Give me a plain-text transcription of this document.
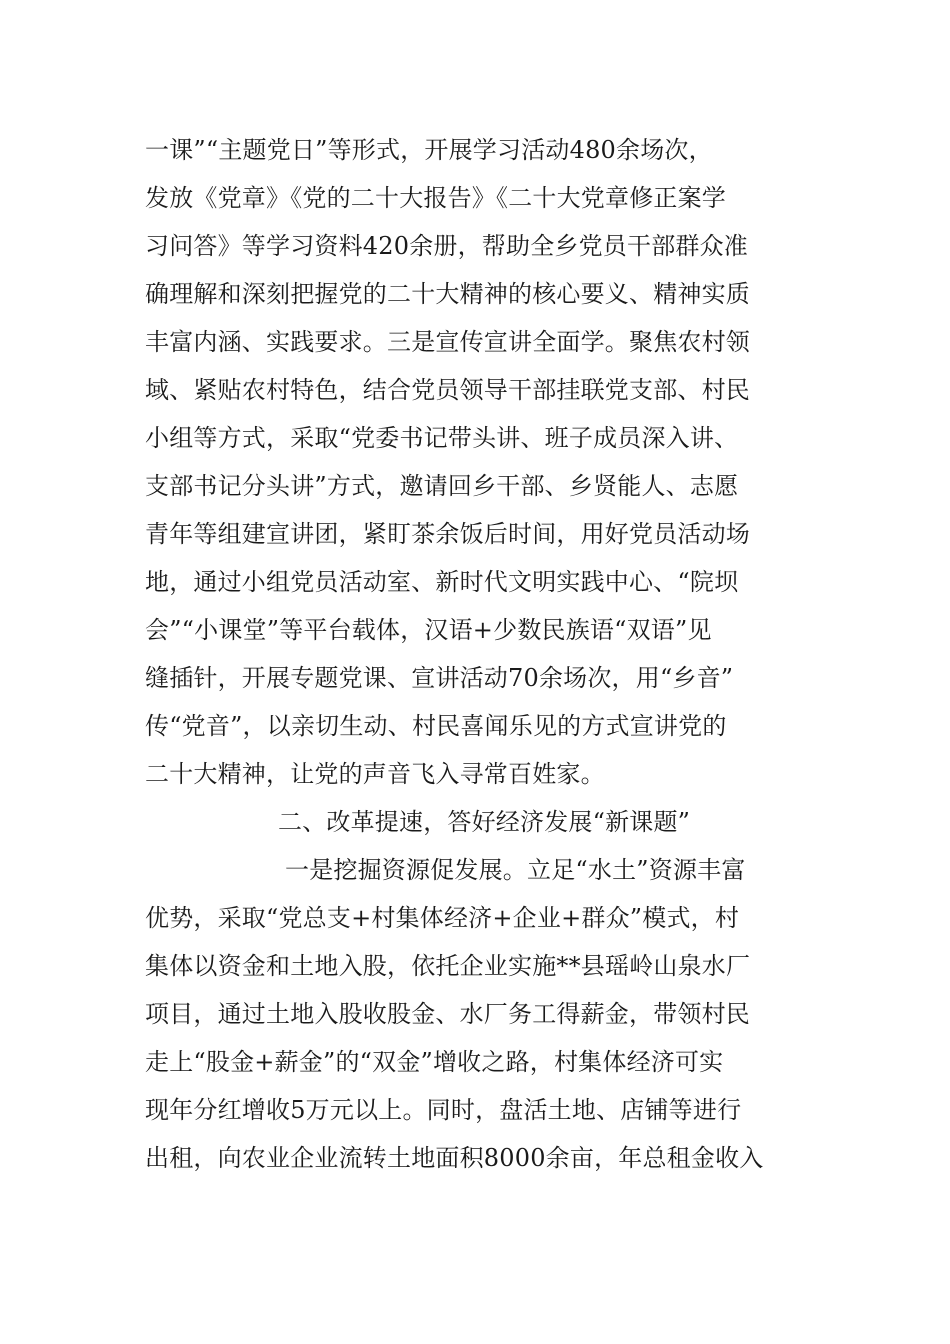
一课”“主题党日”等形式，开展学习活动480余场次，
发放《党章》《党的二十大报告》《二十大党章修正案学
习问答》等学习资料420余册，帮助全乡党员干部群众准
确理解和深刻把握党的二十大精神的核心要义、精神实质
丰富内涵、实践要求。三是宣传宣讲全面学。聚焦农村领
域、紧贴农村特色，结合党员领导干部挂联党支部、村民
小组等方式，采取“党委书记带头讲、班子成员深入讲、
支部书记分头讲”方式，邀请回乡干部、乡贤能人、志愿
青年等组建宣讲团，紧盯茶余饭后时间，用好党员活动场
地，通过小组党员活动室、新时代文明实践中心、“院坝
会”“小课堂”等平台载体，汉语+少数民族语“双语”见
缝插针，开展专题党课、宣讲活动70余场次，用“乡音”
传“党音”，以亲切生动、村民喜闻乐见的方式宣讲党的
二十大精神，让党的声音飞入寻常百姓家。
二、改革提速，答好经济发展“新课题”
一是挖掘资源促发展。立足“水土”资源丰富
优势，采取“党总支+村集体经济+企业+群众”模式，村
集体以资金和土地入股，依托企业实施**县瑶岭山泉水厂
项目，通过土地入股收股金、水厂务工得薪金，带领村民
走上“股金+薪金”的“双金”增收之路，村集体经济可实
现年分红增收5万元以上。同时，盘活土地、店铺等进行
出租，向农业企业流转土地面积8000余亩，年总租金收入
